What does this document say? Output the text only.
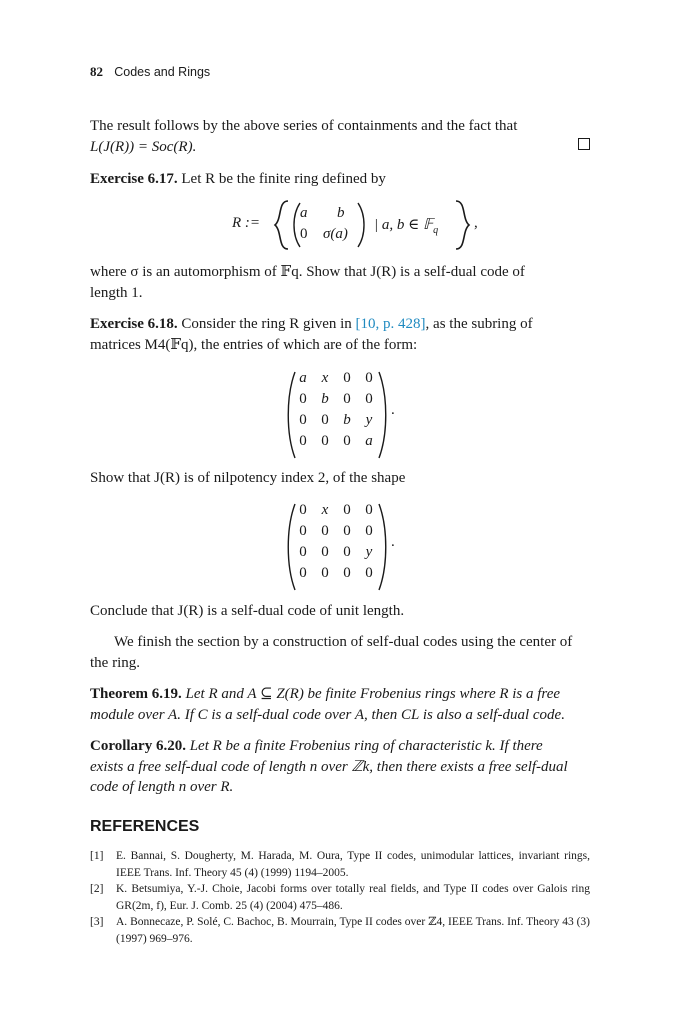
82 Codes and Rings
The result follows by the above series of containments and the fact that
L(J(R)) = Soc(R).
Exercise 6.17. Let R be the finite ring defined by
R :=
a b
0 σ(a)
| a, b ∈ 𝔽$_q$ ,
where σ is an automorphism of 𝔽q. Show that J(R) is a self-dual code of
length 1.
Exercise 6.18. Consider the ring R given in [10, p. 428], as the subring of
matrices M4(𝔽q), the entries of which are of the form:
a x 0 0
0 b 0 0
0 0 b y
0 0 0 a
.
Show that J(R) is of nilpotency index 2, of the shape
0 x 0 0
0 0 0 0
0 0 0 y
0 0 0 0
.
Conclude that J(R) is a self-dual code of unit length.
We finish the section by a construction of self-dual codes using the center of
the ring.
Theorem 6.19. Let R and A ⊆ Z(R) be finite Frobenius rings where R is a free
module over A. If C is a self-dual code over A, then CL is also a self-dual code.
Corollary 6.20. Let R be a finite Frobenius ring of characteristic k. If there
exists a free self-dual code of length n over ℤk, then there exists a free self-dual
code of length n over R.
REFERENCES
[1] E. Bannai, S. Dougherty, M. Harada, M. Oura, Type II codes, unimodular lattices, invariant rings, IEEE Trans. Inf. Theory 45 (4) (1999) 1194–2005.
[2] K. Betsumiya, Y.-J. Choie, Jacobi forms over totally real fields, and Type II codes over Galois ring GR(2m, f), Eur. J. Comb. 25 (4) (2004) 475–486.
[3] A. Bonnecaze, P. Solé, C. Bachoc, B. Mourrain, Type II codes over ℤ4, IEEE Trans. Inf. Theory 43 (3) (1997) 969–976.
